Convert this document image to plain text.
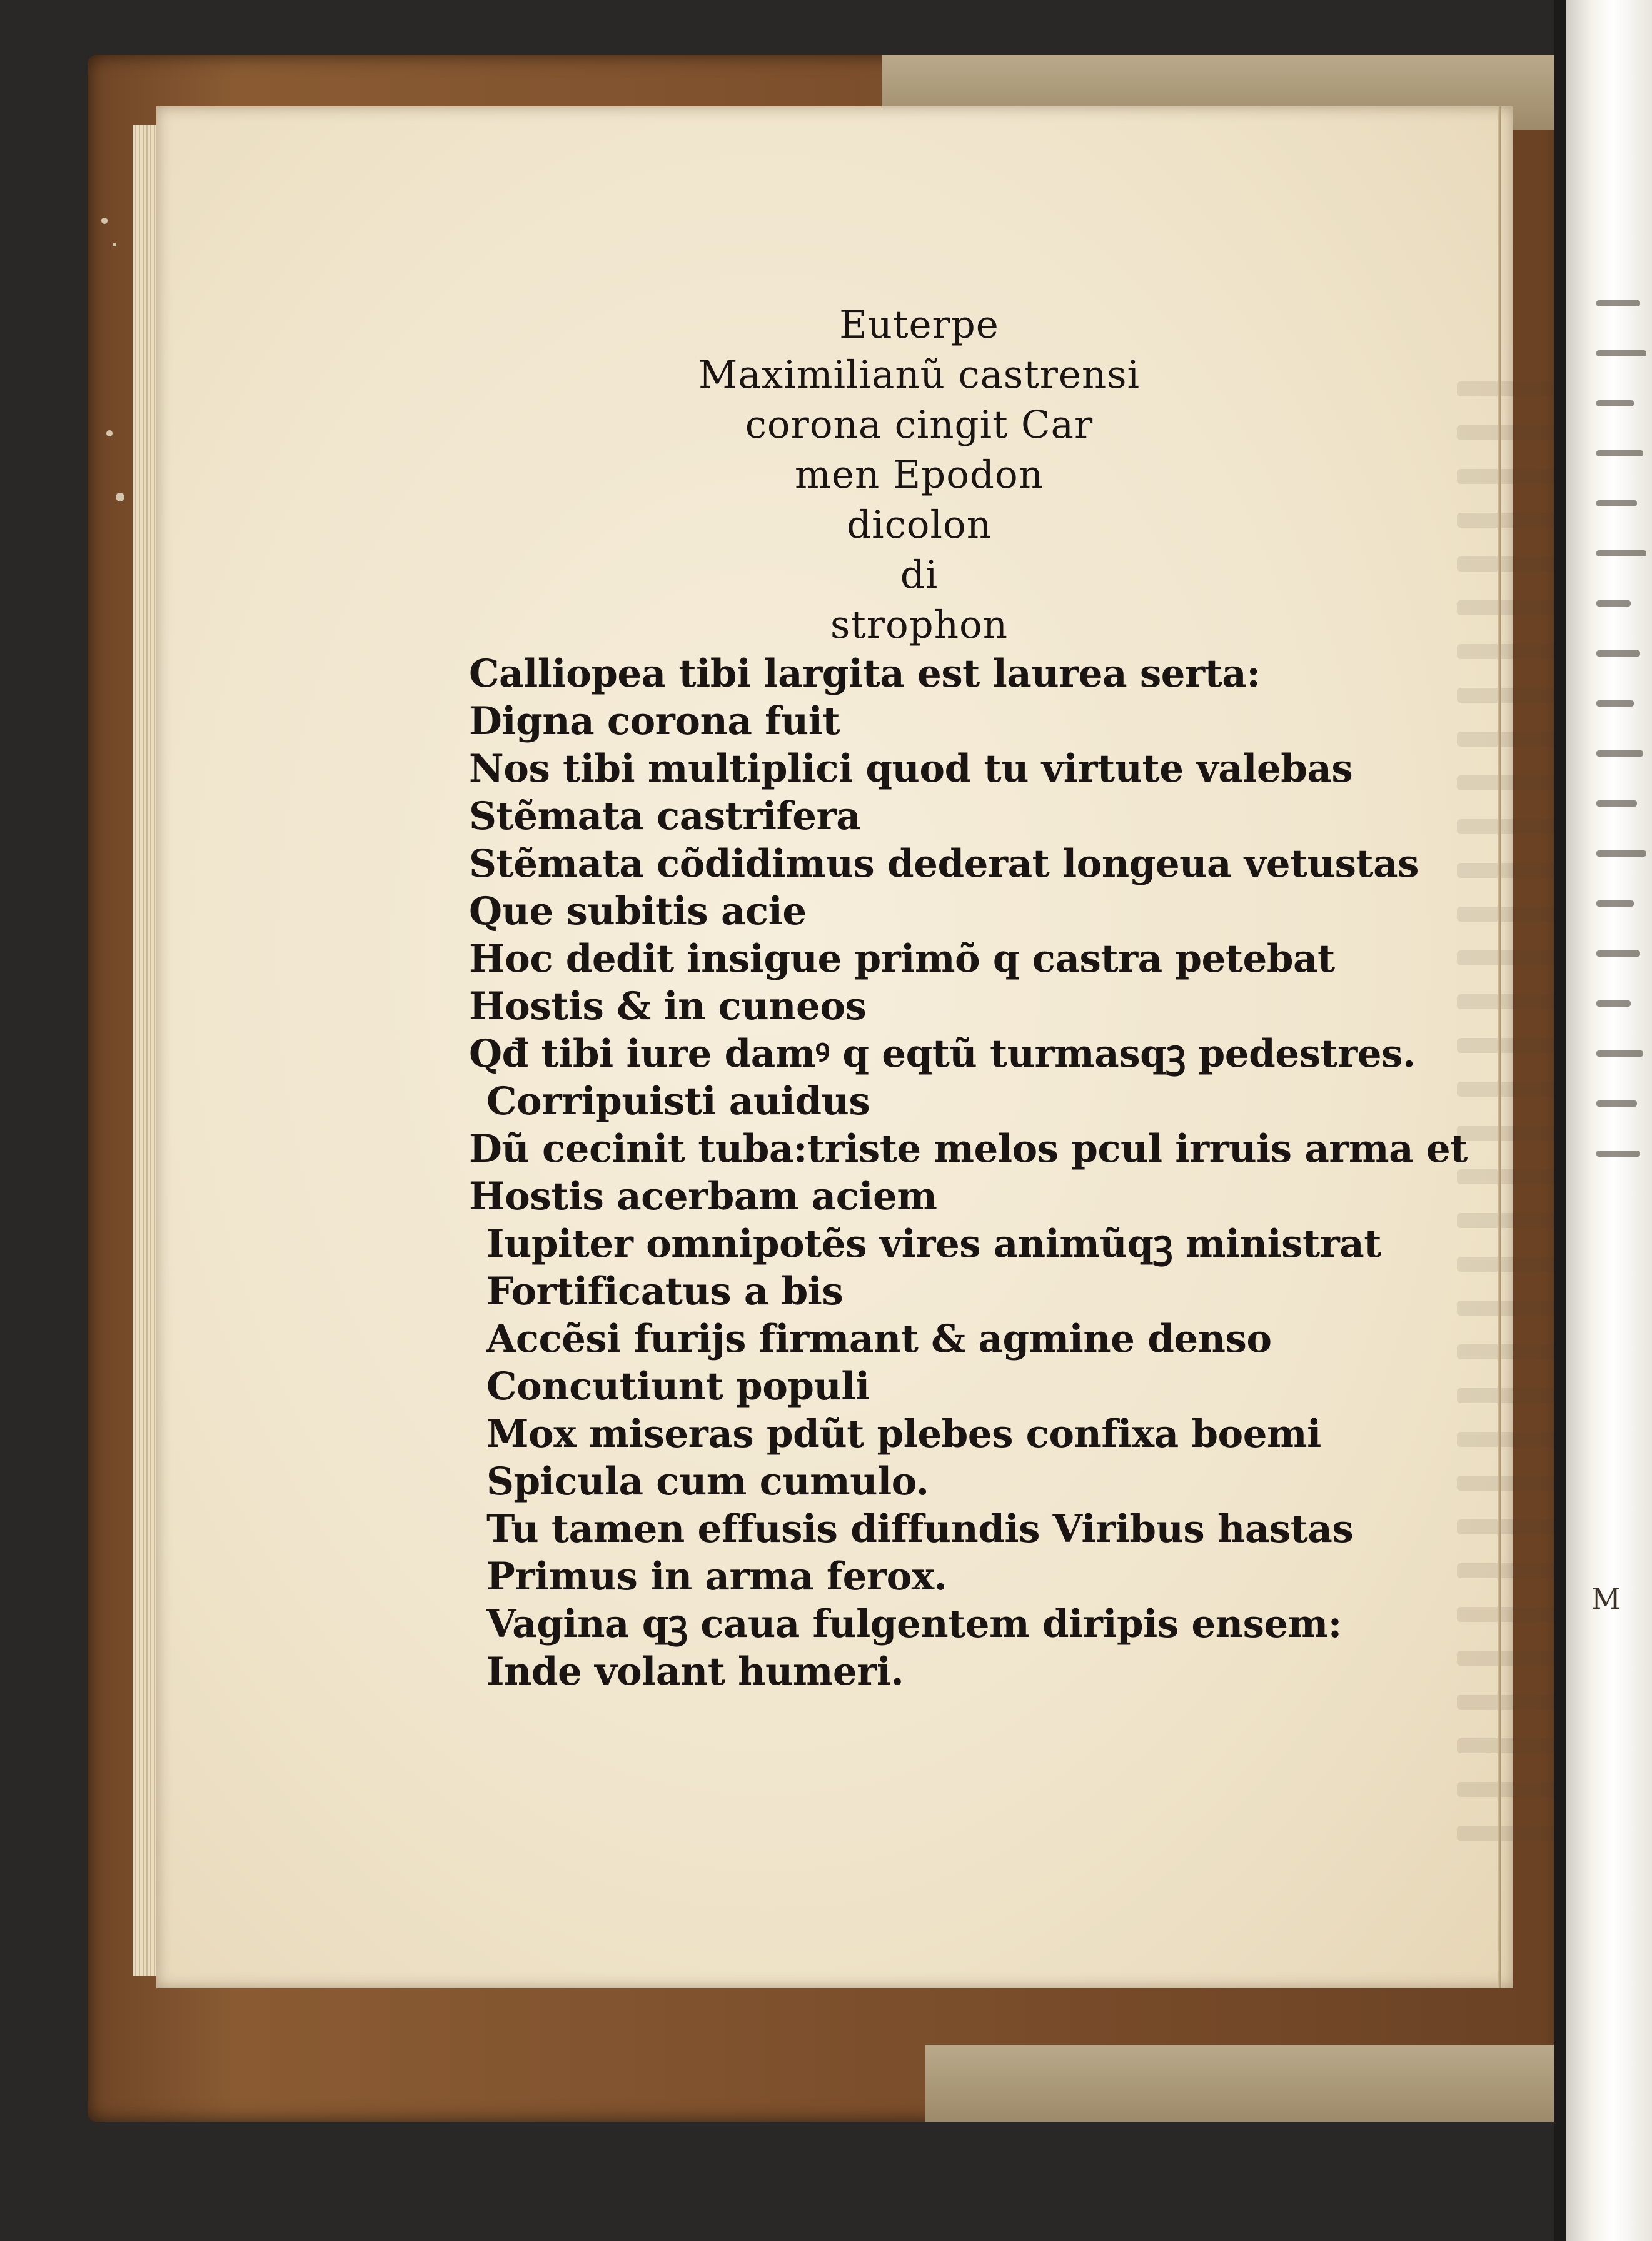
Euterpe
Maximilianũ castrensi
corona cingit Car
men Epodon
dicolon
di
strophon
Calliopea tibi largita est laurea serta:
Digna corona fuit
Nos tibi multiplici quod tu virtute valebas
Stẽmata castrifera
Stẽmata cõdidimus dederat longeua vetustas
Que subitis acie
Hoc dedit insigue primõ q castra petebat
Hostis & in cuneos
Qđ tibi iure damꝰ q eqtũ turmasqꝫ pedestres.
Corripuisti auidus
Dũ cecinit tuba:triste melos pcul irruis arma et
Hostis acerbam aciem
Iupiter omnipotẽs vires animũqꝫ ministrat
Fortificatus a bis
Accẽsi furijs firmant & agmine denso
Concutiunt populi
Mox miseras pdũt plebes confixa boemi
Spicula cum cumulo.
Tu tamen effusis diffundis Viribus hastas
Primus in arma ferox.
Vagina qꝫ caua fulgentem diripis ensem:
Inde volant humeri.
M
